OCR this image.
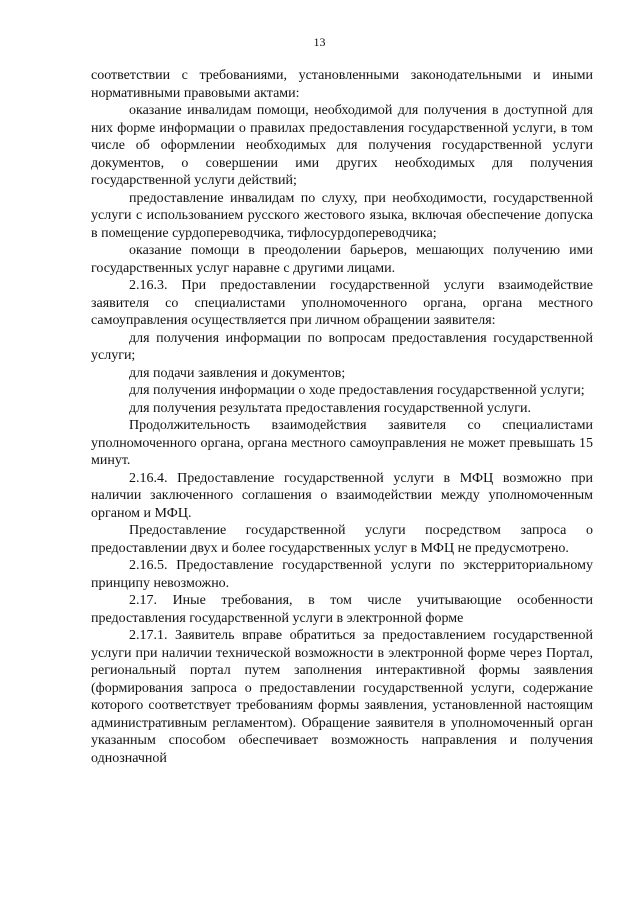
13

соответствии с требованиями, установленными законодательными и иными нормативными правовыми актами:

оказание инвалидам помощи, необходимой для получения в доступной для них форме информации о правилах предоставления государственной услуги, в том числе об оформлении необходимых для получения государственной услуги документов, о совершении ими других необходимых для получения государственной услуги действий;

предоставление инвалидам по слуху, при необходимости, государственной услуги с использованием русского жестового языка, включая обеспечение допуска в помещение сурдопереводчика, тифлосурдопереводчика;

оказание помощи в преодолении барьеров, мешающих получению ими государственных услуг наравне с другими лицами.

2.16.3. При предоставлении государственной услуги взаимодействие заявителя со специалистами уполномоченного органа, органа местного самоуправления осуществляется при личном обращении заявителя:

для получения информации по вопросам предоставления государственной услуги;

для подачи заявления и документов;

для получения информации о ходе предоставления государственной услуги;

для получения результата предоставления государственной услуги.

Продолжительность взаимодействия заявителя со специалистами уполномоченного органа, органа местного самоуправления не может превышать 15 минут.

2.16.4. Предоставление государственной услуги в МФЦ возможно при наличии заключенного соглашения о взаимодействии между уполномоченным органом и МФЦ.

Предоставление государственной услуги посредством запроса о предоставлении двух и более государственных услуг в МФЦ не предусмотрено.

2.16.5. Предоставление государственной услуги по экстерриториальному принципу невозможно.

2.17. Иные требования, в том числе учитывающие особенности предоставления государственной услуги в электронной форме

2.17.1. Заявитель вправе обратиться за предоставлением государственной услуги при наличии технической возможности в электронной форме через Портал, региональный портал путем заполнения интерактивной формы заявления (формирования запроса о предоставлении государственной услуги, содержание которого соответствует требованиям формы заявления, установленной настоящим административным регламентом). Обращение заявителя в уполномоченный орган указанным способом обеспечивает возможность направления и получения однозначной
